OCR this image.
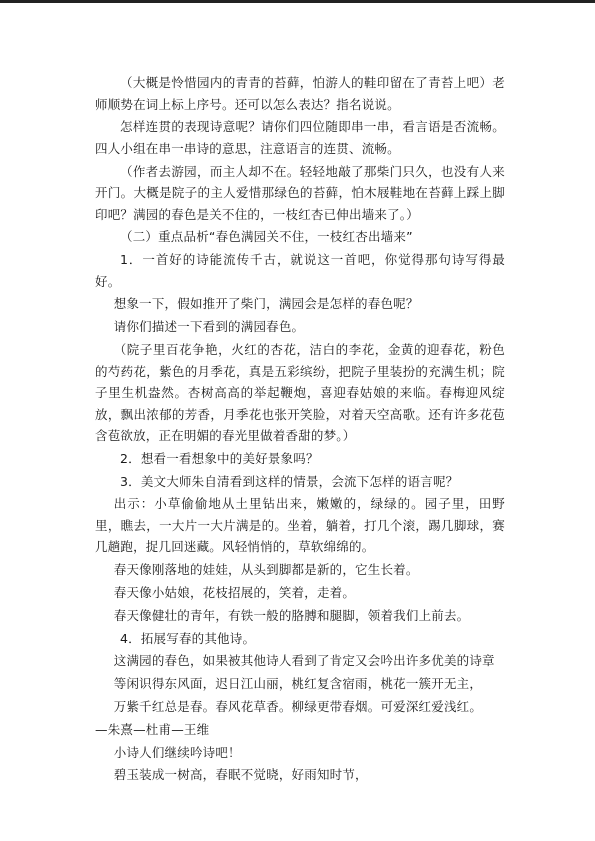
（大概是怜惜园内的青青的苔藓，怕游人的鞋印留在了青苔上吧）老师顺势在词上标上序号。还可以怎么表达？指名说说。

怎样连贯的表现诗意呢？请你们四位随即串一串，看言语是否流畅。四人小组在串一串诗的意思，注意语言的连贯、流畅。

（作者去游园，而主人却不在。轻轻地敲了那柴门只久，也没有人来开门。大概是院子的主人爱惜那绿色的苔藓，怕木屐鞋地在苔藓上踩上脚印吧？满园的春色是关不住的，一枝红杏已伸出墙来了。）

（二）重点品析“春色满园关不住，一枝红杏出墙来”

1．一首好的诗能流传千古，就说这一首吧，你觉得那句诗写得最好。

想象一下，假如推开了柴门，满园会是怎样的春色呢？

请你们描述一下看到的满园春色。

（院子里百花争艳，火红的杏花，洁白的李花，金黄的迎春花，粉色的芍药花，紫色的月季花，真是五彩缤纷，把院子里装扮的充满生机；院子里生机盎然。杏树高高的举起鞭炮，喜迎春姑娘的来临。春梅迎风绽放，飘出浓郁的芳香，月季花也张开笑脸，对着天空高歌。还有许多花苞含苞欲放，正在明媚的春光里做着香甜的梦。）

2．想看一看想象中的美好景象吗？

3．美文大师朱自清看到这样的情景，会流下怎样的语言呢？

出示：小草偷偷地从土里钻出来，嫩嫩的，绿绿的。园子里，田野里，瞧去，一大片一大片满是的。坐着，躺着，打几个滚，踢几脚球，赛几趟跑，捉几回迷藏。风轻悄悄的，草软绵绵的。

春天像刚落地的娃娃，从头到脚都是新的，它生长着。

春天像小姑娘，花枝招展的，笑着，走着。

春天像健壮的青年，有铁一般的胳膊和腿脚，领着我们上前去。

4．拓展写春的其他诗。

这满园的春色，如果被其他诗人看到了肯定又会吟出许多优美的诗章

等闲识得东风面，迟日江山丽，桃红复含宿雨，桃花一簇开无主，

万紫千红总是春。春风花草香。柳绿更带春烟。可爱深红爱浅红。

—朱熹—杜甫—王维

小诗人们继续吟诗吧！

碧玉装成一树高，春眠不觉晓，好雨知时节，
